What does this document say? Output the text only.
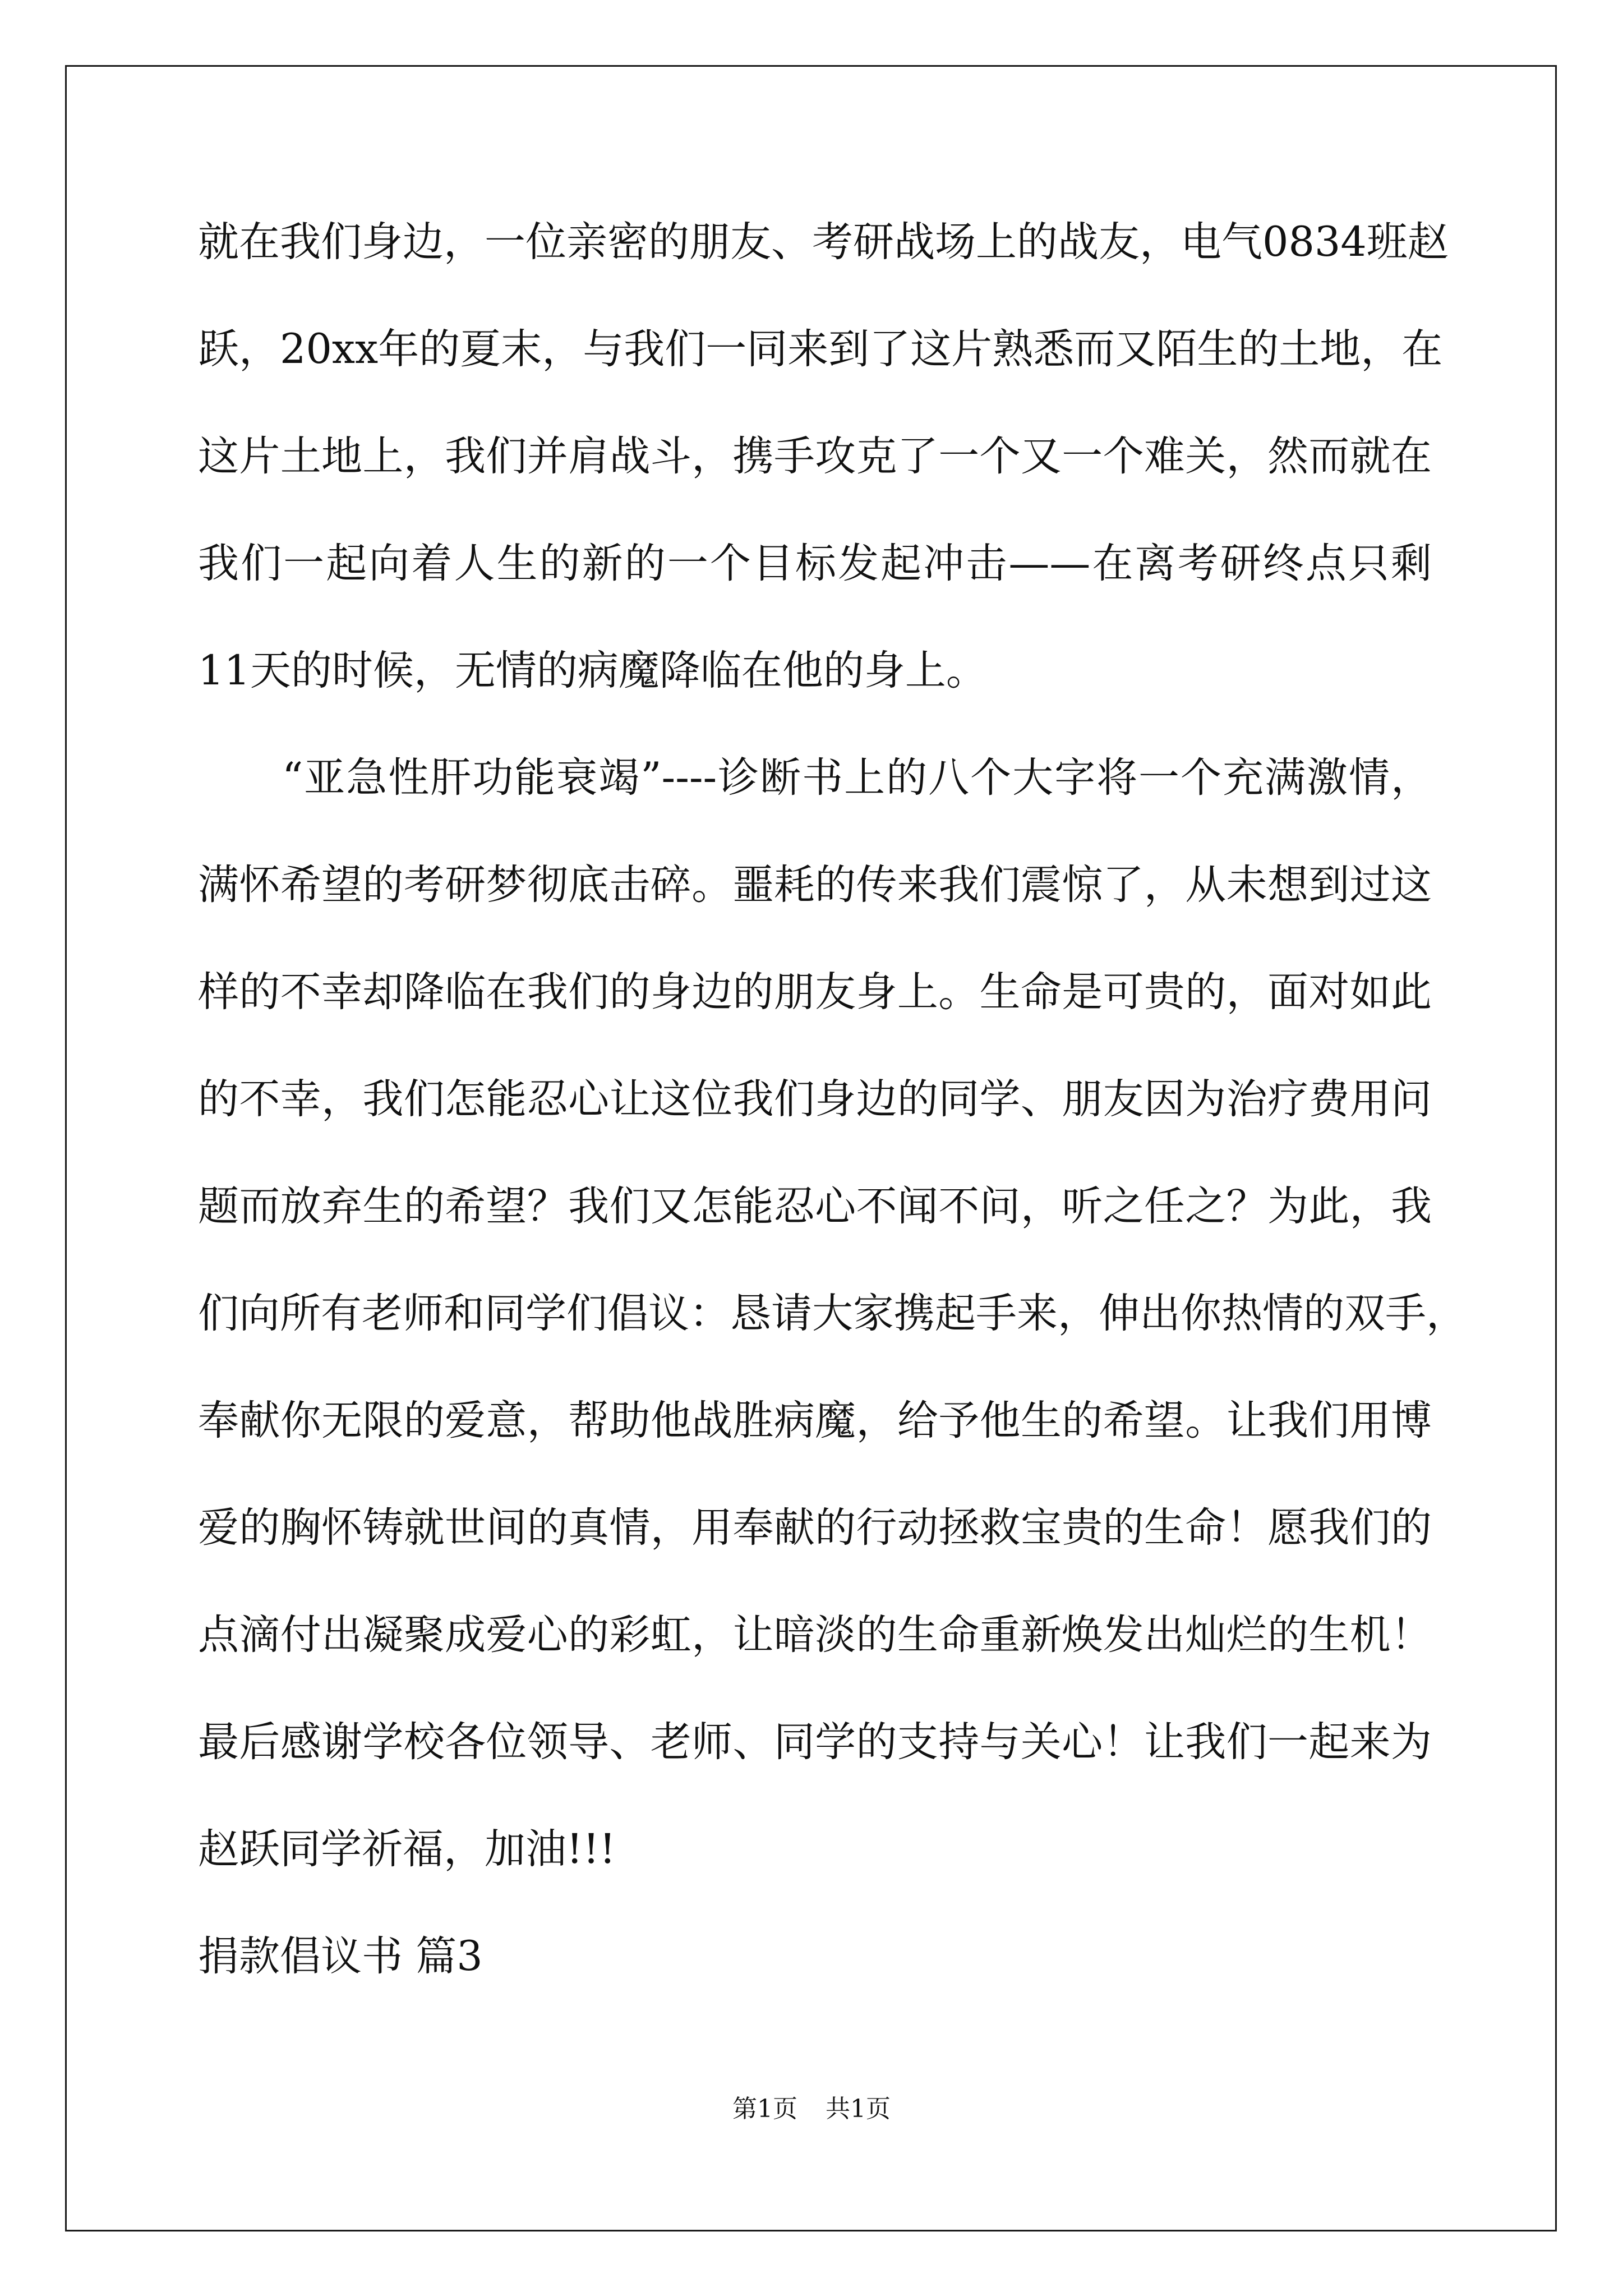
就在我们身边，一位亲密的朋友、考研战场上的战友，电气0834班赵
跃，20xx年的夏末，与我们一同来到了这片熟悉而又陌生的土地，在
这片土地上，我们并肩战斗，携手攻克了一个又一个难关，然而就在
我们一起向着人生的新的一个目标发起冲击——在离考研终点只剩
11天的时候，无情的病魔降临在他的身上。
“亚急性肝功能衰竭”----诊断书上的八个大字将一个充满激情，
满怀希望的考研梦彻底击碎。噩耗的传来我们震惊了，从未想到过这
样的不幸却降临在我们的身边的朋友身上。生命是可贵的，面对如此
的不幸，我们怎能忍心让这位我们身边的同学、朋友因为治疗费用问
题而放弃生的希望？我们又怎能忍心不闻不问，听之任之？为此，我
们向所有老师和同学们倡议：恳请大家携起手来，伸出你热情的双手，
奉献你无限的爱意，帮助他战胜病魔，给予他生的希望。让我们用博
爱的胸怀铸就世间的真情，用奉献的行动拯救宝贵的生命！愿我们的
点滴付出凝聚成爱心的彩虹，让暗淡的生命重新焕发出灿烂的生机！
最后感谢学校各位领导、老师、同学的支持与关心！让我们一起来为
赵跃同学祈福，加油!!!
捐款倡议书 篇3
第1页 共1页
